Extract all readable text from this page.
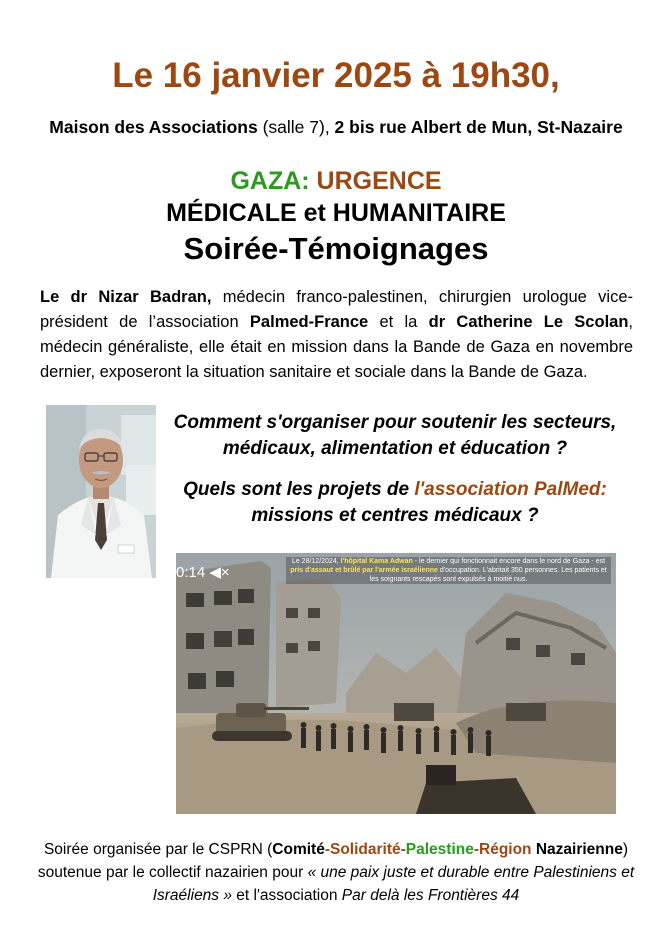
Le 16 janvier 2025 à 19h30,
Maison des Associations (salle 7), 2 bis rue Albert de Mun, St-Nazaire
GAZA: URGENCE
MÉDICALE et HUMANITAIRE
Soirée-Témoignages
Le dr Nizar Badran, médecin franco-palestinen, chirurgien urologue vice-président de l’association Palmed-France et la dr Catherine Le Scolan, médecin généraliste, elle était en mission dans la Bande de Gaza en novembre dernier, exposeront la situation sanitaire et sociale dans la Bande de Gaza.
Comment s'organiser pour soutenir les secteurs, médicaux, alimentation et éducation ?
Quels sont les projets de l'association PalMed:
missions et centres médicaux ?
0:14 ◀×
Le 28/12/2024, l'hôpital Kama Adwan - le dernier qui fonctionnait encore dans le nord de Gaza - est pris d'assaut et brûlé par l'armée israélienne d'occupation. L'abritait 350 personnes. Les patients et les soignants rescapés sont expulsés à moitié nus.
Soirée organisée par le CSPRN (Comité-Solidarité-Palestine-Région Nazairienne) soutenue par le collectif nazairien pour « une paix juste et durable entre Palestiniens et Israéliens » et l'association Par delà les Frontières 44
